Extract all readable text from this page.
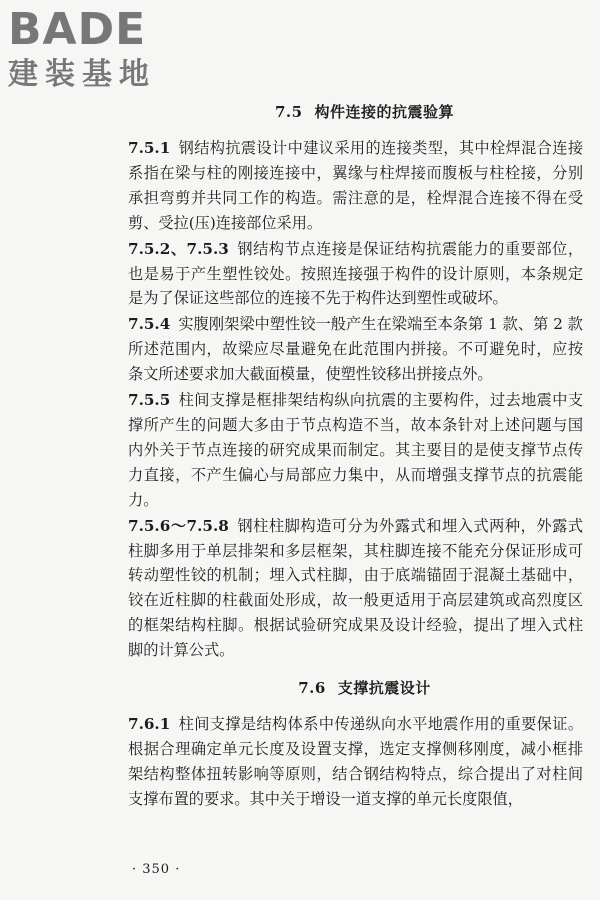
BADE
建装基地
7.5 构件连接的抗震验算

7.5.1 钢结构抗震设计中建议采用的连接类型，其中栓焊混合连接系指在梁与柱的刚接连接中，翼缘与柱焊接而腹板与柱栓接，分别承担弯剪并共同工作的构造。需注意的是，栓焊混合连接不得在受剪、受拉(压)连接部位采用。

7.5.2、7.5.3 钢结构节点连接是保证结构抗震能力的重要部位，也是易于产生塑性铰处。按照连接强于构件的设计原则，本条规定是为了保证这些部位的连接不先于构件达到塑性或破坏。

7.5.4 实腹刚架梁中塑性铰一般产生在梁端至本条第 1 款、第 2 款所述范围内，故梁应尽量避免在此范围内拼接。不可避免时，应按条文所述要求加大截面模量，使塑性铰移出拼接点外。

7.5.5 柱间支撑是框排架结构纵向抗震的主要构件，过去地震中支撑所产生的问题大多由于节点构造不当，故本条针对上述问题与国内外关于节点连接的研究成果而制定。其主要目的是使支撑节点传力直接，不产生偏心与局部应力集中，从而增强支撑节点的抗震能力。

7.5.6～7.5.8 钢柱柱脚构造可分为外露式和埋入式两种，外露式柱脚多用于单层排架和多层框架，其柱脚连接不能充分保证形成可转动塑性铰的机制；埋入式柱脚，由于底端锚固于混凝土基础中，铰在近柱脚的柱截面处形成，故一般更适用于高层建筑或高烈度区的框架结构柱脚。根据试验研究成果及设计经验，提出了埋入式柱脚的计算公式。

7.6 支撑抗震设计

7.6.1 柱间支撑是结构体系中传递纵向水平地震作用的重要保证。根据合理确定单元长度及设置支撑，选定支撑侧移刚度，减小框排架结构整体扭转影响等原则，结合钢结构特点，综合提出了对柱间支撑布置的要求。其中关于增设一道支撑的单元长度限值，

· 350 ·
